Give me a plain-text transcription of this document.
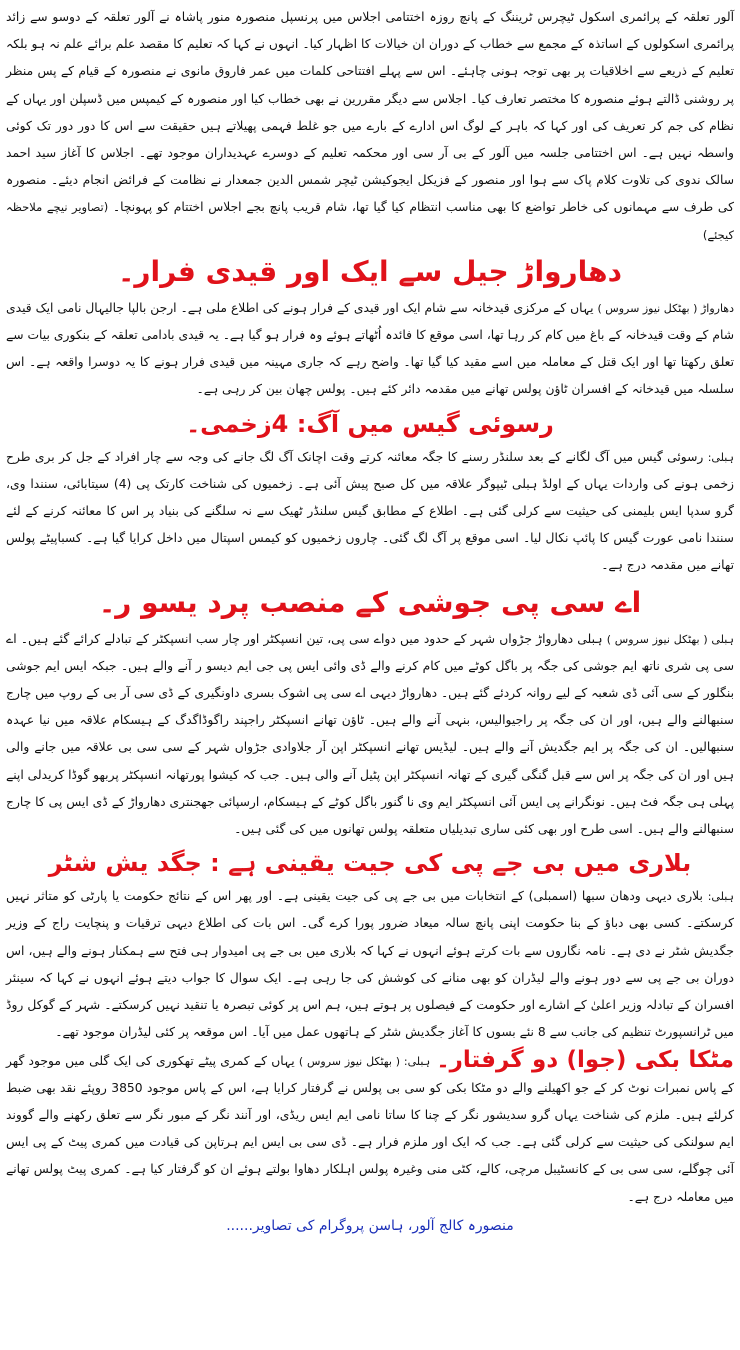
آلور تعلقہ کے پرائمری اسکول ٹیچرس ٹریننگ کے پانچ روزہ اختتامی اجلاس میں پرنسپل منصورہ منور پاشاہ نے آلور تعلقہ کے دوسو سے زائد پرائمری اسکولوں کے اساتذہ کے مجمع سے خطاب کے دوران ان خیالات کا اظہار کیا۔ انہوں نے کہا کہ تعلیم کا مقصد علم برائے علم نہ ہو بلکہ تعلیم کے ذریعے سے اخلاقیات پر بھی توجہ ہونی چاہئے۔ اس سے پہلے افتتاحی کلمات میں عمر فاروق مانوی نے منصورہ کے قیام کے پس منظر پر روشنی ڈالتے ہوئے منصورہ کا مختصر تعارف کیا۔ اجلاس سے دیگر مقررین نے بھی خطاب کیا اور منصورہ کے کیمپس میں ڈسپلن اور یہاں کے نظام کی جم کر تعریف کی اور کہا کہ باہر کے لوگ اس ادارے کے بارے میں جو غلط فہمی پھیلاتے ہیں حقیقت سے اس کا دور دور تک کوئی واسطہ نہیں ہے۔ اس اختتامی جلسہ میں آلور کے بی آر سی اور محکمہ تعلیم کے دوسرے عہدیداران موجود تھے۔ اجلاس کا آغاز سید احمد سالک ندوی کی تلاوت کلام پاک سے ہوا اور منصور کے فزیکل ایجوکیشن ٹیچر شمس الدین جمعدار نے نظامت کے فرائض انجام دیئے۔ منصورہ کی طرف سے مہمانوں کی خاطر تواضع کا بھی مناسب انتظام کیا گیا تھا، شام قریب پانچ بجے اجلاس اختتام کو پہونچا۔ (تصاویر نیچے ملاحظہ کیجئے)

دھارواڑ جیل سے ایک اور قیدی فرار۔

دھارواڑ ( بھٹکل نیوز سروس ) یہاں کے مرکزی قیدخانہ سے شام ایک اور قیدی کے فرار ہونے کی اطلاع ملی ہے۔ ارجن بالپا جالیہال نامی ایک قیدی شام کے وقت قیدخانہ کے باغ میں کام کر رہا تھا، اسی موقع کا فائدہ اُٹھاتے ہوئے وہ فرار ہو گیا ہے۔ یہ قیدی بادامی تعلقہ کے بنکوری بیات سے تعلق رکھتا تھا اور ایک قتل کے معاملہ میں اسے مقید کیا گیا تھا۔ واضح رہے کہ جاری مہینہ میں قیدی فرار ہونے کا یہ دوسرا واقعہ ہے۔ اس سلسلہ میں قیدخانہ کے افسران ٹاؤن پولس تھانے میں مقدمہ دائر کئے ہیں۔ پولس چھان بین کر رہی ہے۔

رسوئی گیس میں آگ: 4زخمی۔

ہبلی: رسوئی گیس میں آگ لگانے کے بعد سلنڈر رسنے کا جگہ معائنہ کرتے وقت اچانک آگ لگ جانے کی وجہ سے چار افراد کے جل کر بری طرح زخمی ہونے کی واردات یہاں کے اولڈ ہبلی ٹیپوگر علاقہ میں کل صبح پیش آئی ہے۔ زخمیوں کی شناخت کارتک پی (4) سیتابائی، سنندا وی، گرو سدپا ایس بلیمنی کی حیثیت سے کرلی گئی ہے۔ اطلاع کے مطابق گیس سلنڈر ٹھیک سے نہ سلگنے کی بنیاد پر اس کا معائنہ کرنے کے لئے سنندا نامی عورت گیس کا پائپ نکال لیا۔ اسی موقع پر آگ لگ گئی۔ چاروں زخمیوں کو کیمس اسپتال میں داخل کرایا گیا ہے۔ کسباپیٹے پولس تھانے میں مقدمہ درج ہے۔

اے سی پی جوشی کے منصب پرد یسو ر۔

ہبلی ( بھٹکل نیوز سروس ) ہبلی دھارواڑ جڑواں شہر کے حدود میں دواے سی پی، تین انسپکٹر اور چار سب انسپکٹر کے تبادلے کرائے گئے ہیں۔ اے سی پی شری ناتھ ایم جوشی کی جگہ پر باگل کوٹے میں کام کرنے والے ڈی وائی ایس پی جی ایم دیسو ر آنے والے ہیں۔ جبکہ ایس ایم جوشی بنگلور کے سی آئی ڈی شعبہ کے لیے روانہ کردئے گئے ہیں۔ دھارواڑ دیہی اے سی پی اشوک بسری داونگیری کے ڈی سی آر بی کے روپ میں چارج سنبھالنے والے ہیں، اور ان کی جگہ پر راجیوالیس، بنہی آنے والے ہیں۔ ٹاؤن تھانے انسپکٹر راجپند راگوڈاگدگ کے ہیسکام علاقہ میں نیا عہدہ سنبھالیں۔ ان کی جگہ پر ایم جگدیش آنے والے ہیں۔ لیڈیس تھانے انسپکٹر اپن آر جلاوادی جڑواں شہر کے سی سی بی علاقہ میں جانے والی ہیں اور ان کی جگہ پر اس سے قبل گنگی گیری کے تھانہ انسپکٹر اپن پٹیل آنے والی ہیں۔ جب کہ کیشوا پورتھانہ انسپکٹر پربھو گوڈا کریدلی اپنے پہلی ہی جگہ فٹ ہیں۔ نونگرانے پی ایس آئی انسپکٹر ایم وی نا گنور باگل کوٹے کے ہیسکام، ارسپائی جھجنتری دھارواڑ کے ڈی ایس پی کا چارج سنبھالنے والے ہیں۔ اسی طرح اور بھی کئی ساری تبدیلیاں متعلقہ پولس تھانوں میں کی گئی ہیں۔

بلاری میں بی جے پی کی جیت یقینی ہے : جگد یش شٹر

ہبلی: بلاری دیہی ودھان سبھا (اسمبلی) کے انتخابات میں بی جے پی کی جیت یقینی ہے۔ اور پھر اس کے نتائج حکومت یا پارٹی کو متاثر نہیں کرسکتے۔ کسی بھی دباؤ کے بنا حکومت اپنی پانچ سالہ میعاد ضرور پورا کرے گی۔ اس بات کی اطلاع دیہی ترقیات و پنچایت راج کے وزیر جگدیش شٹر نے دی ہے۔ نامہ نگاروں سے بات کرتے ہوئے انہوں نے کہا کہ بلاری میں بی جے پی امیدوار ہی فتح سے ہمکنار ہونے والے ہیں، اس دوران بی جے پی سے دور ہونے والے لیڈران کو بھی منانے کی کوشش کی جا رہی ہے۔ ایک سوال کا جواب دیتے ہوئے انہوں نے کہا کہ سینئر افسران کے تبادلہ وزیر اعلیٰ کے اشارے اور حکومت کے فیصلوں پر ہوتے ہیں، ہم اس پر کوئی تبصرہ یا تنقید نہیں کرسکتے۔ شہر کے گوکل روڈ میں ٹرانسپورٹ تنظیم کی جانب سے 8 نئے بسوں کا آغاز جگدیش شٹر کے ہاتھوں عمل میں آیا۔ اس موقعہ پر کئی لیڈران موجود تھے۔

مٹکا بکی (جوا) دو گرفتار۔ہبلی: ( بھٹکل نیوز سروس ) یہاں کے کمری پیٹے تھکوری کی ایک گلی میں موجود گھر کے پاس نمبرات نوٹ کر کے جو اکھیلنے والے دو مٹکا بکی کو سی بی پولس نے گرفتار کرایا ہے، اس کے پاس موجود 3850 روپئے نقد بھی ضبط کرلئے ہیں۔ ملزم کی شناخت یہاں گرو سدیشور نگر کے چنا کا ساتا نامی ایم ایس ریڈی، اور آنند نگر کے مبور نگر سے تعلق رکھنے والے گووند ایم سولنکی کی حیثیت سے کرلی گئی ہے۔ جب کہ ایک اور ملزم فرار ہے۔ ڈی سی بی ایس ایم ہرتاپن کی قیادت میں کمری پیٹ کے پی ایس آئی چوگلے، سی سی بی کے کانسٹیبل مرچی، کالے، کٹی منی وغیرہ پولس اہلکار دھاوا بولتے ہوئے ان کو گرفتار کیا ہے۔ کمری پیٹ پولس تھانے میں معاملہ درج ہے۔

منصورہ کالج آلور، ہاسن پروگرام کی تصاویر......
